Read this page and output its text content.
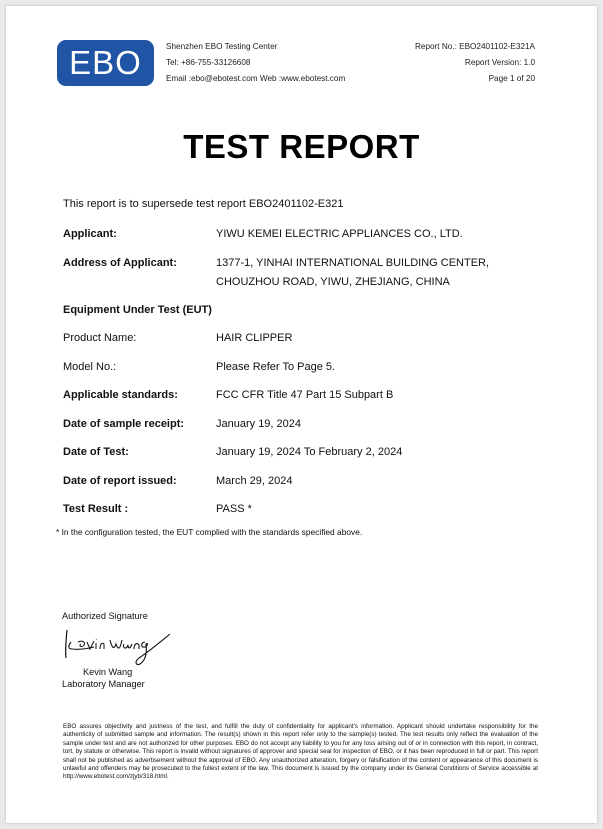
EBO	Shenzhen EBO Testing Center
Tel: +86-755-33126608
Email :ebo@ebotest.com Web :www.ebotest.com
Report No.: EBO2401102-E321A
Report Version: 1.0
Page 1 of 20
TEST REPORT
This report is to supersede test report EBO2401102-E321
Applicant:	YIWU KEMEI ELECTRIC APPLIANCES CO., LTD.
Address of Applicant:	1377-1, YINHAI INTERNATIONAL BUILDING CENTER,
CHOUZHOU ROAD, YIWU, ZHEJIANG, CHINA
Equipment Under Test (EUT)
Product Name:	HAIR CLIPPER
Model No.:	Please Refer To Page 5.
Applicable standards:	FCC CFR Title 47 Part 15 Subpart B
Date of sample receipt:	January 19, 2024
Date of Test:	January 19, 2024 To February 2, 2024
Date of report issued:	March 29, 2024
Test Result :	PASS *
* In the configuration tested, the EUT complied with the standards specified above.
Authorized Signature
Kevin Wang
Laboratory Manager
EBO assures objectivity and justness of the test, and fulfill the duty of confidentiality for applicant's information. Applicant should undertake responsibility for the authenticity of submitted sample and information. The result(s) shown in this report refer only to the sample(s) tested. The test results only reflect the evaluation of the sample under test and are not authorized for other purposes. EBO do not accept any liability to you for any loss arising out of or in connection with this report, in contract, tort, by statute or otherwise. This report is invalid without signatures of approver and special seal for inspection of EBO, or it has been reproduced in full or part. This report shall not be published as advertisement without the approval of EBO. Any unauthorized alteration, forgery or falsification of the content or appearance of this document is unlawful and offenders may be prosecuted to the fullest extent of the law. This document is issued by the company under its General Conditions of Service accessible at http://www.ebotest.com/zjyb/318.html.
